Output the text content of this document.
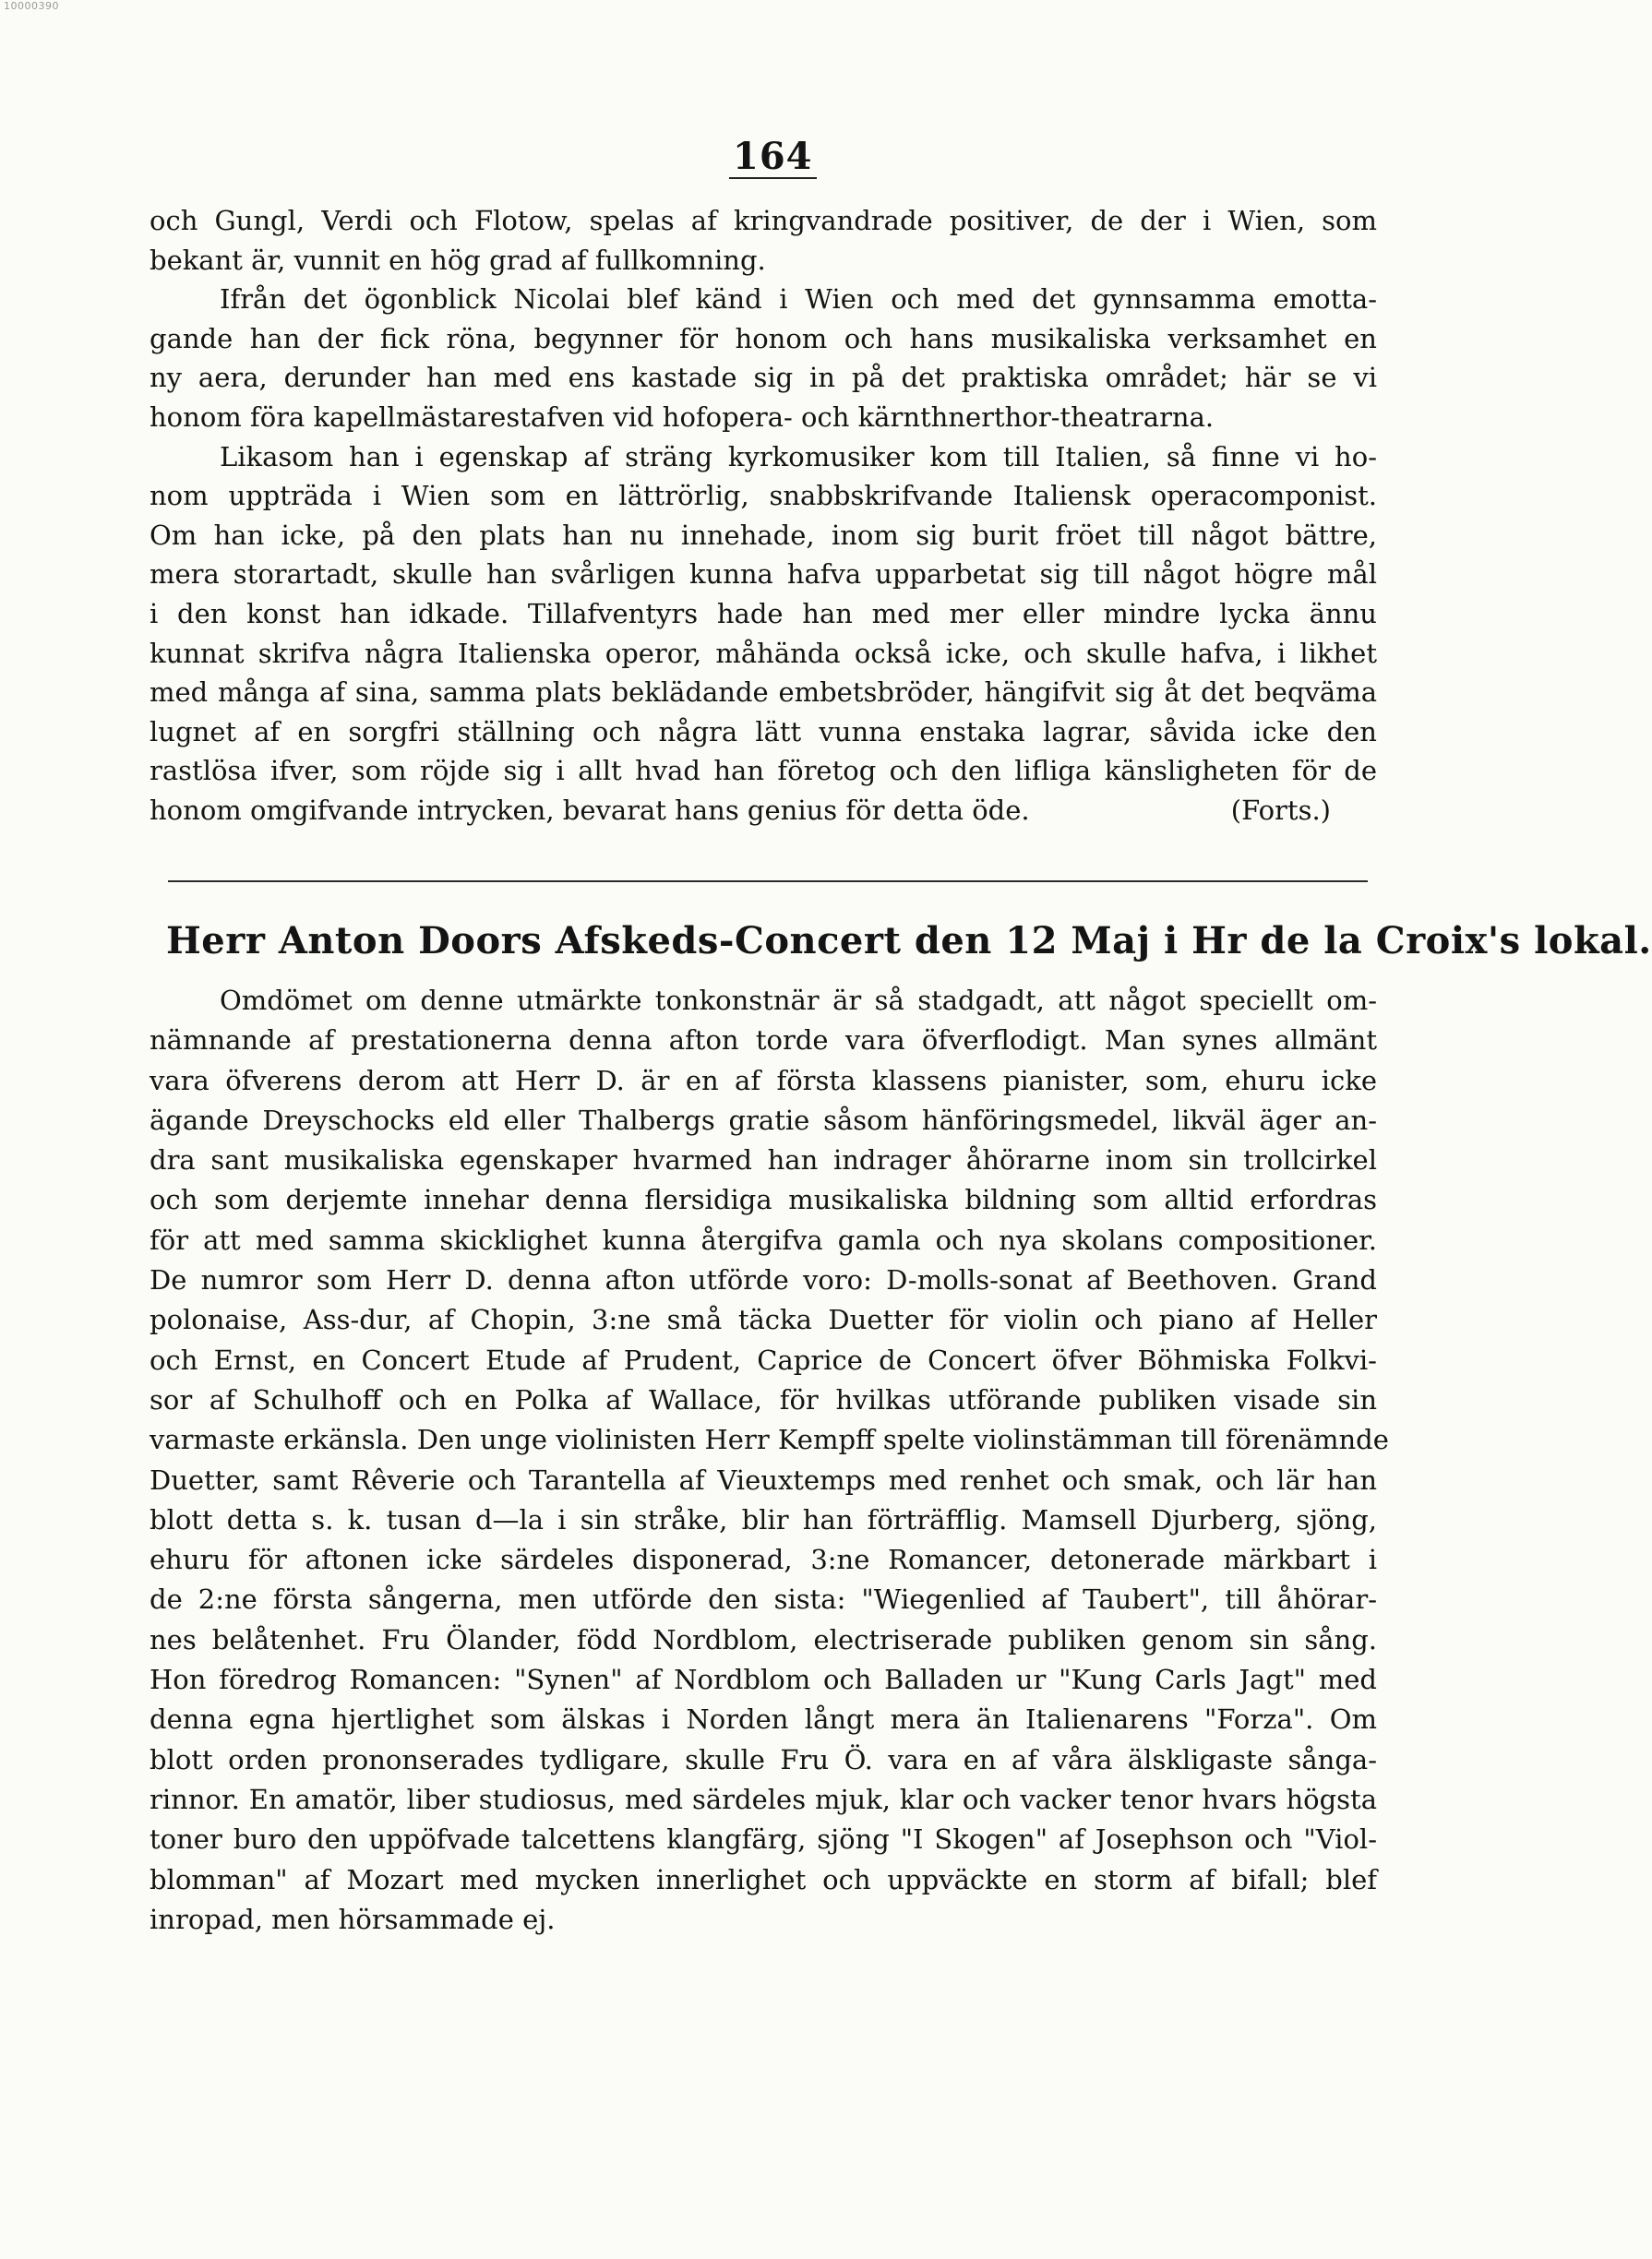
10000390
164
och Gungl, Verdi och Flotow, spelas af kringvandrade positiver, de der i Wien, som
bekant är, vunnit en hög grad af fullkomning.
Ifrån det ögonblick Nicolai blef känd i Wien och med det gynnsamma emotta-
gande han der fick röna, begynner för honom och hans musikaliska verksamhet en
ny aera, derunder han med ens kastade sig in på det praktiska området; här se vi
honom föra kapellmästarestafven vid hofopera- och kärnthnerthor-theatrarna.
Likasom han i egenskap af sträng kyrkomusiker kom till Italien, så finne vi ho-
nom uppträda i Wien som en lättrörlig, snabbskrifvande Italiensk operacomponist.
Om han icke, på den plats han nu innehade, inom sig burit fröet till något bättre,
mera storartadt, skulle han svårligen kunna hafva upparbetat sig till något högre mål
i den konst han idkade. Tillafventyrs hade han med mer eller mindre lycka ännu
kunnat skrifva några Italienska operor, måhända också icke, och skulle hafva, i likhet
med många af sina, samma plats beklädande embetsbröder, hängifvit sig åt det beqväma
lugnet af en sorgfri ställning och några lätt vunna enstaka lagrar, såvida icke den
rastlösa ifver, som röjde sig i allt hvad han företog och den lifliga känsligheten för de
honom omgifvande intrycken, bevarat hans genius för detta öde.	(Forts.)
Herr Anton Doors Afskeds-Concert den 12 Maj i Hr de la Croix's lokal.
Omdömet om denne utmärkte tonkonstnär är så stadgadt, att något speciellt om-
nämnande af prestationerna denna afton torde vara öfverflodigt. Man synes allmänt
vara öfverens derom att Herr D. är en af första klassens pianister, som, ehuru icke
ägande Dreyschocks eld eller Thalbergs gratie såsom hänföringsmedel, likväl äger an-
dra sant musikaliska egenskaper hvarmed han indrager åhörarne inom sin trollcirkel
och som derjemte innehar denna flersidiga musikaliska bildning som alltid erfordras
för att med samma skicklighet kunna återgifva gamla och nya skolans compositioner.
De numror som Herr D. denna afton utförde voro: D-molls-sonat af Beethoven. Grand
polonaise, Ass-dur, af Chopin, 3:ne små täcka Duetter för violin och piano af Heller
och Ernst, en Concert Etude af Prudent, Caprice de Concert öfver Böhmiska Folkvi-
sor af Schulhoff och en Polka af Wallace, för hvilkas utförande publiken visade sin
varmaste erkänsla. Den unge violinisten Herr Kempff spelte violinstämman till förenämnde
Duetter, samt Rêverie och Tarantella af Vieuxtemps med renhet och smak, och lär han
blott detta s. k. tusan d—la i sin stråke, blir han förträfflig. Mamsell Djurberg, sjöng,
ehuru för aftonen icke särdeles disponerad, 3:ne Romancer, detonerade märkbart i
de 2:ne första sångerna, men utförde den sista: "Wiegenlied af Taubert", till åhörar-
nes belåtenhet. Fru Ölander, född Nordblom, electriserade publiken genom sin sång.
Hon föredrog Romancen: "Synen" af Nordblom och Balladen ur "Kung Carls Jagt" med
denna egna hjertlighet som älskas i Norden långt mera än Italienarens "Forza". Om
blott orden prononserades tydligare, skulle Fru Ö. vara en af våra älskligaste sånga-
rinnor. En amatör, liber studiosus, med särdeles mjuk, klar och vacker tenor hvars högsta
toner buro den uppöfvade talcettens klangfärg, sjöng "I Skogen" af Josephson och "Viol-
blomman" af Mozart med mycken innerlighet och uppväckte en storm af bifall; blef
inropad, men hörsammade ej.
